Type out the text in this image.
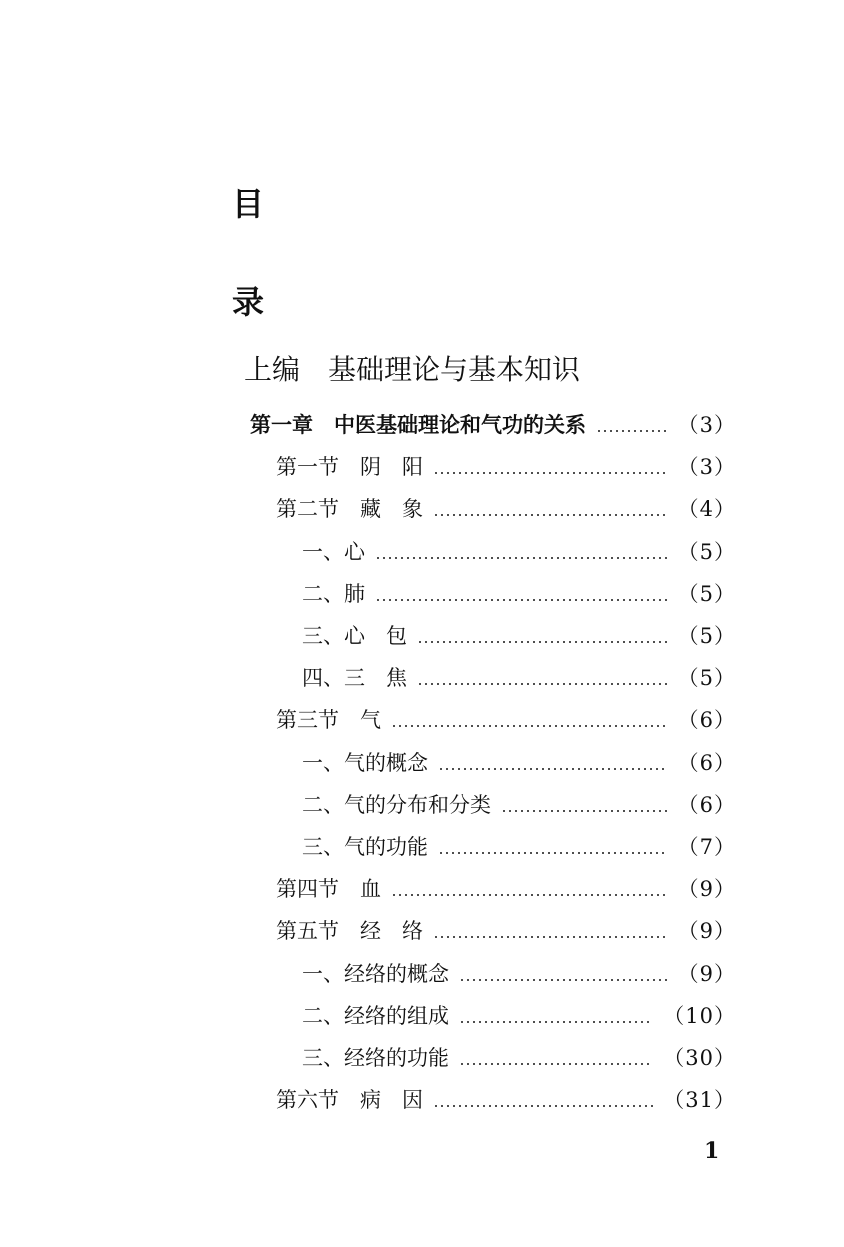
目
录
上编 基础理论与基本知识
第一章　中医基础理论和气功的关系	（3）
第一节　阴　阳	（3）
第二节　藏　象	（4）
一、心	（5）
二、肺	（5）
三、心　包	（5）
四、三　焦	（5）
第三节　气	（6）
一、气的概念	（6）
二、气的分布和分类	（6）
三、气的功能	（7）
第四节　血	（9）
第五节　经　络	（9）
一、经络的概念	（9）
二、经络的组成	（10）
三、经络的功能	（30）
第六节　病　因	（31）
1
